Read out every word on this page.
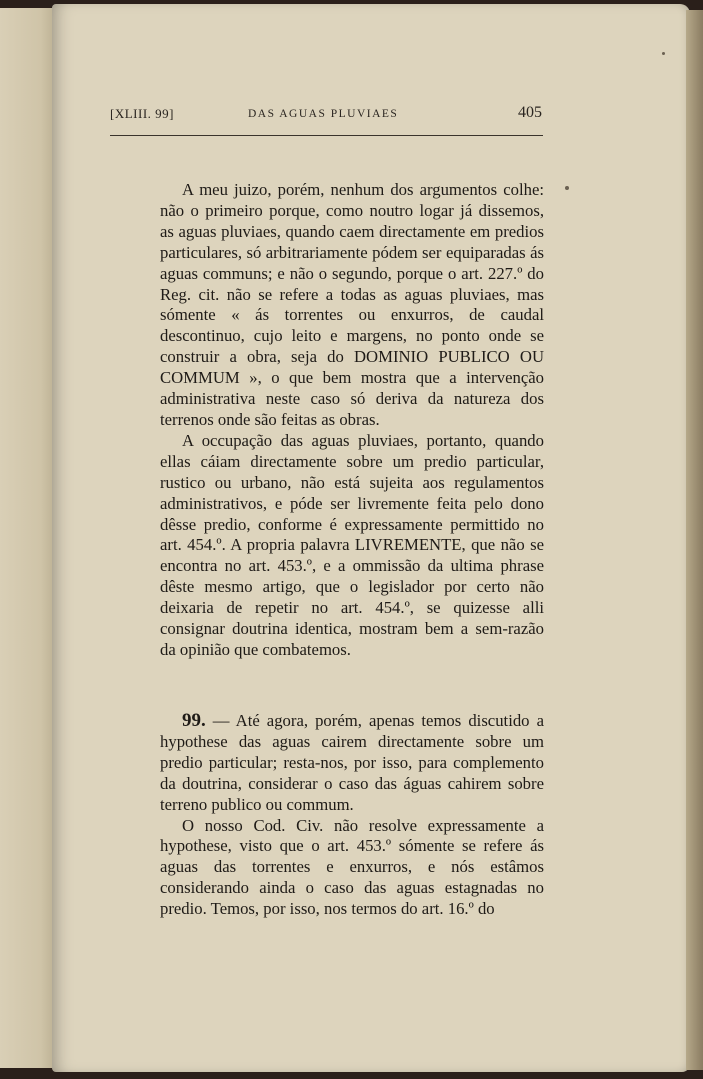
[XLIII. 99]	DAS AGUAS PLUVIAES	405

A meu juizo, porém, nenhum dos argumentos colhe: não o primeiro porque, como noutro logar já dissemos, as aguas pluviaes, quando caem directamente em predios particulares, só arbitrariamente pódem ser equiparadas ás aguas communs; e não o segundo, porque o art. 227.º do Reg. cit. não se refere a todas as aguas pluviaes, mas sómente « ás torrentes ou enxurros, de caudal descontinuo, cujo leito e margens, no ponto onde se construir a obra, seja do DOMINIO PUBLICO OU COMMUM », o que bem mostra que a intervenção administrativa neste caso só deriva da natureza dos terrenos onde são feitas as obras.

A occupação das aguas pluviaes, portanto, quando ellas cáiam directamente sobre um predio particular, rustico ou urbano, não está sujeita aos regulamentos administrativos, e póde ser livremente feita pelo dono dêsse predio, conforme é expressamente permittido no art. 454.º. A propria palavra LIVREMENTE, que não se encontra no art. 453.º, e a ommissão da ultima phrase dêste mesmo artigo, que o legislador por certo não deixaria de repetir no art. 454.º, se quizesse alli consignar doutrina identica, mostram bem a sem-razão da opinião que combatemos.

99. — Até agora, porém, apenas temos discutido a hypothese das aguas cairem directamente sobre um predio particular; resta-nos, por isso, para complemento da doutrina, considerar o caso das águas cahirem sobre terreno publico ou commum.

O nosso Cod. Civ. não resolve expressamente a hypothese, visto que o art. 453.º sómente se refere ás aguas das torrentes e enxurros, e nós estâmos considerando ainda o caso das aguas estagnadas no predio. Temos, por isso, nos termos do art. 16.º do
